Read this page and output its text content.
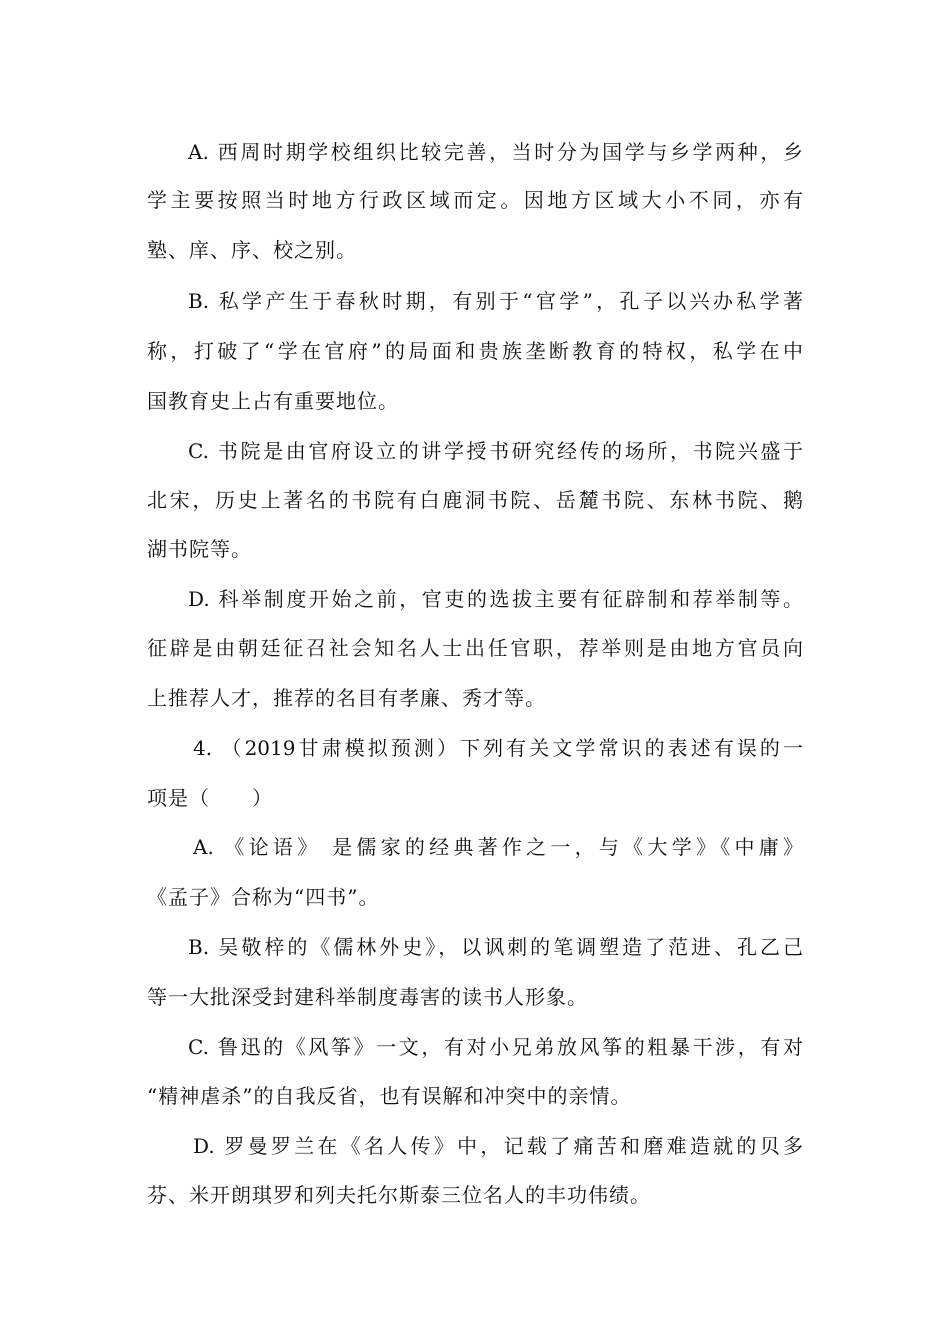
A. 西周时期学校组织比较完善，当时分为国学与乡学两种，乡
学主要按照当时地方行政区域而定。因地方区域大小不同，亦有
塾、庠、序、校之别。
B. 私学产生于春秋时期，有别于“官学”，孔子以兴办私学著
称，打破了“学在官府”的局面和贵族垄断教育的特权，私学在中
国教育史上占有重要地位。
C. 书院是由官府设立的讲学授书研究经传的场所，书院兴盛于
北宋，历史上著名的书院有白鹿洞书院、岳麓书院、东林书院、鹅
湖书院等。
D. 科举制度开始之前，官吏的选拔主要有征辟制和荐举制等。
征辟是由朝廷征召社会知名人士出任官职，荐举则是由地方官员向
上推荐人才，推荐的名目有孝廉、秀才等。
4. （2019甘肃模拟预测）下列有关文学常识的表述有误的一
项是（　　）
A. 《论语》 是儒家的经典著作之一，与《大学》《中庸》
《孟子》合称为“四书”。
B. 吴敬梓的《儒林外史》，以讽刺的笔调塑造了范进、孔乙己
等一大批深受封建科举制度毒害的读书人形象。
C. 鲁迅的《风筝》一文，有对小兄弟放风筝的粗暴干涉，有对
“精神虐杀”的自我反省，也有误解和冲突中的亲情。
D. 罗曼罗兰在《名人传》中，记载了痛苦和磨难造就的贝多
芬、米开朗琪罗和列夫托尔斯泰三位名人的丰功伟绩。
